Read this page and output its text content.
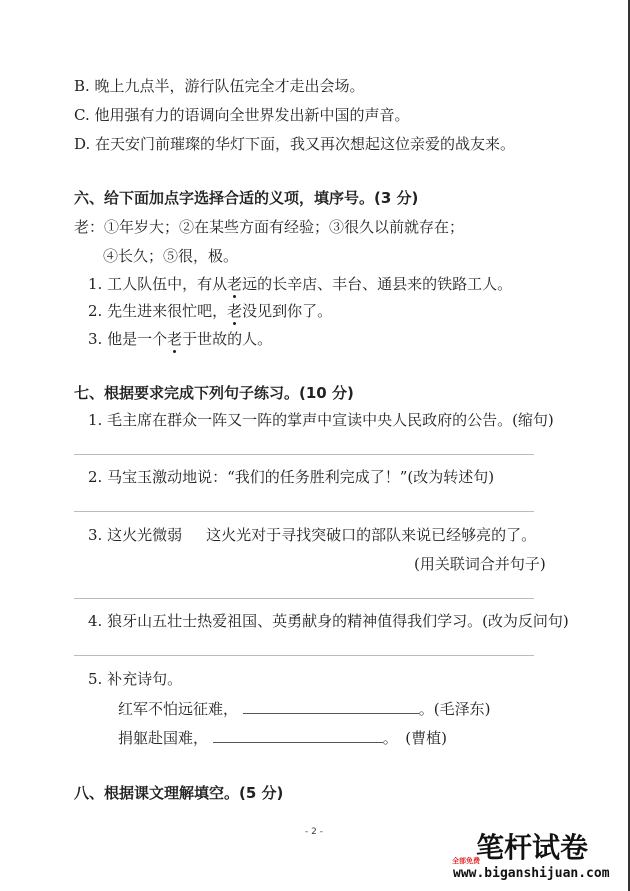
B. 晚上九点半，游行队伍完全才走出会场。
C. 他用强有力的语调向全世界发出新中国的声音。
D. 在天安门前璀璨的华灯下面，我又再次想起这位亲爱的战友来。
六、给下面加点字选择合适的义项，填序号。(3 分)
老：①年岁大；②在某些方面有经验；③很久以前就存在；
④长久；⑤很，极。
1. 工人队伍中，有从老远的长辛店、丰台、通县来的铁路工人。
2. 先生进来很忙吧，老没见到你了。
3. 他是一个老于世故的人。
七、根据要求完成下列句子练习。(10 分)
1. 毛主席在群众一阵又一阵的掌声中宣读中央人民政府的公告。(缩句)
2. 马宝玉激动地说：“我们的任务胜利完成了！”(改为转述句)
3. 这火光微弱 这火光对于寻找突破口的部队来说已经够亮的了。
(用关联词合并句子)
4. 狼牙山五壮士热爱祖国、英勇献身的精神值得我们学习。(改为反问句)
5. 补充诗句。
红军不怕远征难，	。(毛泽东)
捐躯赴国难，	。　(曹植)
八、根据课文理解填空。(5 分)
- 2 -	笔杆试卷
全部免费
www.biganshijuan.com
